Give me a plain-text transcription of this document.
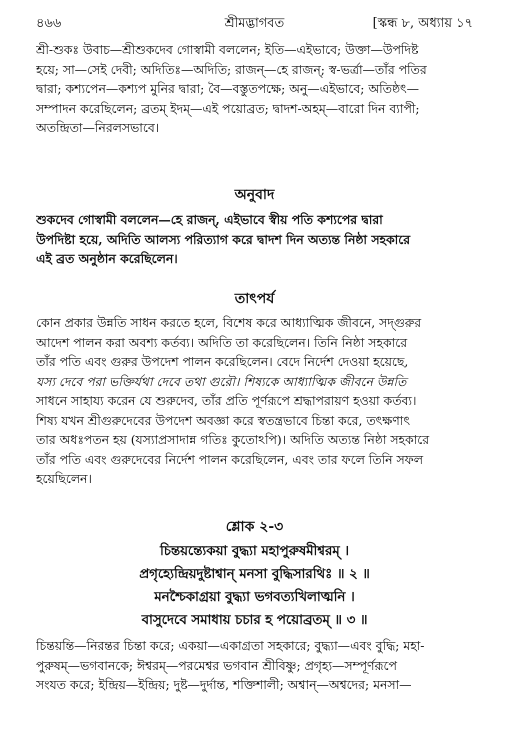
৪৬৬	শ্রীমদ্ভাগবত	[স্কন্ধ ৮, অধ্যায় ১৭
শ্রী-শুকঃ উবাচ—শ্রীশুকদেব গোস্বামী বললেন; ইতি—এইভাবে; উক্তা—উপদিষ্ট
হয়ে; সা—সেই দেবী; অদিতিঃ—অদিতি; রাজন্—হে রাজন্; স্ব-ভর্ত্রা—তাঁর পতির
দ্বারা; কশ্যপেন—কশ্যপ মুনির দ্বারা; বৈ—বস্তুতপক্ষে; অনু—এইভাবে; অতিষ্ঠৎ—
সম্পাদন করেছিলেন; ব্রতম্ ইদম্—এই পয়োব্রত; দ্বাদশ-অহম্—বারো দিন ব্যাপী;
অতন্দ্রিতা—নিরলসভাবে।
অনুবাদ
শুকদেব গোস্বামী বললেন—হে রাজন্, এইভাবে স্বীয় পতি কশ্যপের দ্বারা
উপদিষ্টা হয়ে, অদিতি আলস্য পরিত্যাগ করে দ্বাদশ দিন অত্যন্ত নিষ্ঠা সহকারে
এই ব্রত অনুষ্ঠান করেছিলেন।
তাৎপর্য
কোন প্রকার উন্নতি সাধন করতে হলে, বিশেষ করে আধ্যাত্মিক জীবনে, সদ্গুরুর
আদেশ পালন করা অবশ্য কর্তব্য। অদিতি তা করেছিলেন। তিনি নিষ্ঠা সহকারে
তাঁর পতি এবং গুরুর উপদেশ পালন করেছিলেন। বেদে নির্দেশ দেওয়া হয়েছে,
যস্য দেবে পরা ভক্তির্যথা দেবে তথা গুরৌ। শিষ্যকে আধ্যাত্মিক জীবনে উন্নতি
সাধনে সাহায্য করেন যে শুরুদেব, তাঁর প্রতি পূর্ণরূপে শ্রদ্ধাপরায়ণ হওয়া কর্তব্য।
শিষ্য যখন শ্রীগুরুদেবের উপদেশ অবজ্ঞা করে স্বতন্ত্রভাবে চিন্তা করে, তৎক্ষণাৎ
তার অধঃপতন হয় (যস্যাপ্রসাদান্ন গতিঃ কুতোঽপি)। অদিতি অত্যন্ত নিষ্ঠা সহকারে
তাঁর পতি এবং গুরুদেবের নির্দেশ পালন করেছিলেন, এবং তার ফলে তিনি সফল
হয়েছিলেন।
শ্লোক ২-৩
চিন্তয়ন্ত্যেকয়া বুদ্ধ্যা মহাপুরুষমীশ্বরম্ ।
প্রগৃহ্যেন্দ্রিয়দুষ্টাশ্বান্ মনসা বুদ্ধিসারথিঃ ॥ ২ ॥
মনশ্চৈকাগ্রয়া বুদ্ধ্যা ভগবত্যখিলাত্মনি ।
বাসুদেবে সমাধায় চচার হ পয়োব্রতম্ ॥ ৩ ॥
চিন্তয়ন্তি—নিরন্তর চিন্তা করে; একয়া—একাগ্রতা সহকারে; বুদ্ধ্যা—এবং বুদ্ধি; মহা-
পুরুষম্—ভগবানকে; ঈশ্বরম্—পরমেশ্বর ভগবান শ্রীবিষ্ণু; প্রগৃহ্য—সম্পূর্ণরূপে
সংযত করে; ইন্দ্রিয়—ইন্দ্রিয়; দুষ্ট—দুর্দান্ত, শক্তিশালী; অশ্বান্—অশ্বদের; মনসা—
